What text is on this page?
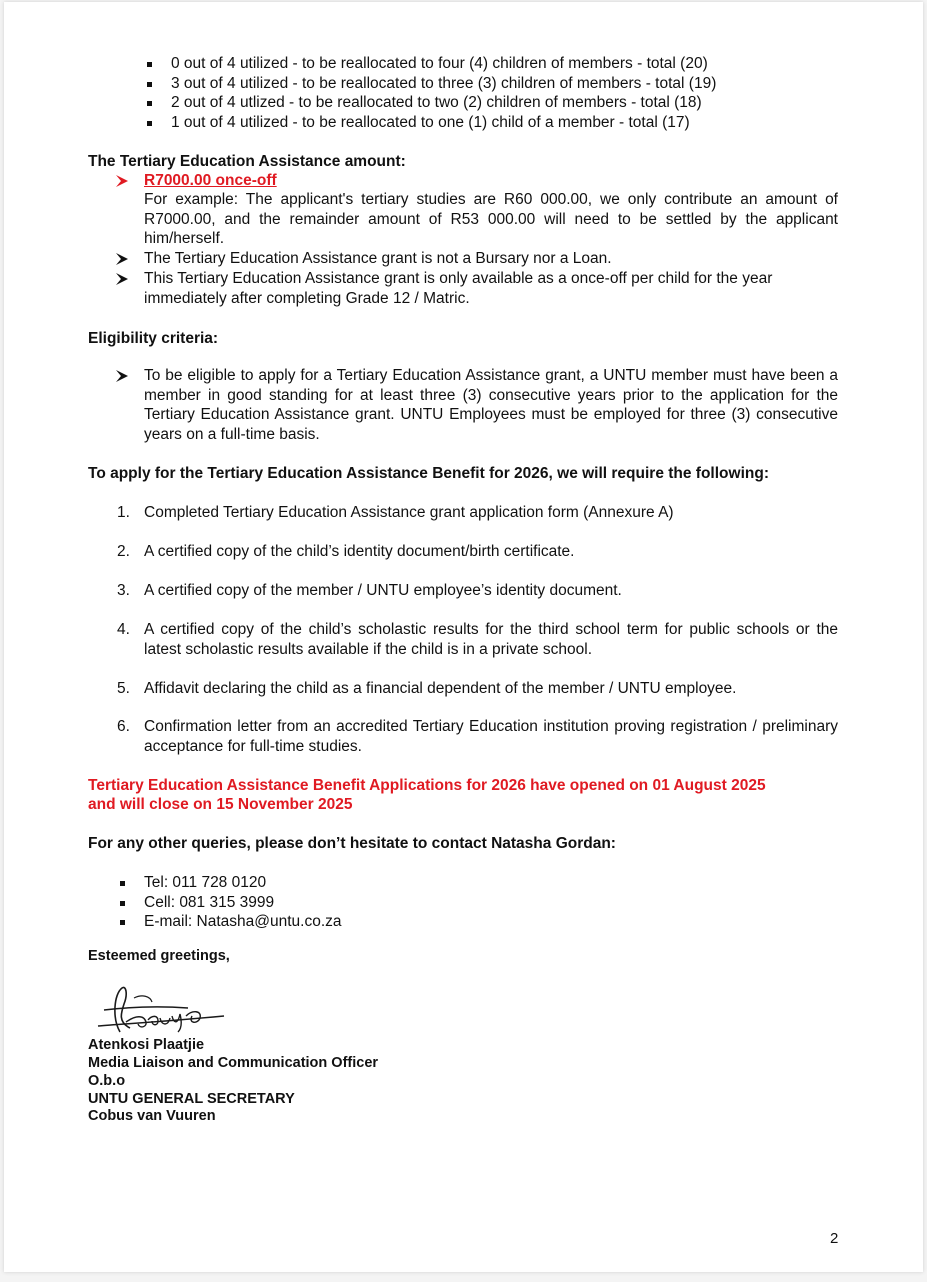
0 out of 4 utilized - to be reallocated to four (4) children of members - total (20)
3 out of 4 utilized - to be reallocated to three (3) children of members - total (19)
2 out of 4 utlized - to be reallocated to two (2) children of members - total (18)
1 out of 4 utilized - to be reallocated to one (1) child of a member - total (17)
The Tertiary Education Assistance amount:
R7000.00 once-off
For example: The applicant's tertiary studies are R60 000.00, we only contribute an amount of R7000.00, and the remainder amount of R53 000.00 will need to be settled by the applicant him/herself.
The Tertiary Education Assistance grant is not a Bursary nor a Loan.
This Tertiary Education Assistance grant is only available as a once-off per child for the year immediately after completing Grade 12 / Matric.
Eligibility criteria:
To be eligible to apply for a Tertiary Education Assistance grant, a UNTU member must have been a member in good standing for at least three (3) consecutive years prior to the application for the Tertiary Education Assistance grant. UNTU Employees must be employed for three (3) consecutive years on a full-time basis.
To apply for the Tertiary Education Assistance Benefit for 2026, we will require the following:
1. Completed Tertiary Education Assistance grant application form (Annexure A)
2. A certified copy of the child’s identity document/birth certificate.
3. A certified copy of the member / UNTU employee’s identity document.
4. A certified copy of the child’s scholastic results for the third school term for public schools or the latest scholastic results available if the child is in a private school.
5. Affidavit declaring the child as a financial dependent of the member / UNTU employee.
6. Confirmation letter from an accredited Tertiary Education institution proving registration / preliminary acceptance for full-time studies.
Tertiary Education Assistance Benefit Applications for 2026 have opened on 01 August 2025
and will close on 15 November 2025
For any other queries, please don’t hesitate to contact Natasha Gordan:
Tel: 011 728 0120
Cell: 081 315 3999
E-mail: Natasha@untu.co.za
Esteemed greetings,
Atenkosi Plaatjie
Media Liaison and Communication Officer
O.b.o
UNTU GENERAL SECRETARY
Cobus van Vuuren
2
